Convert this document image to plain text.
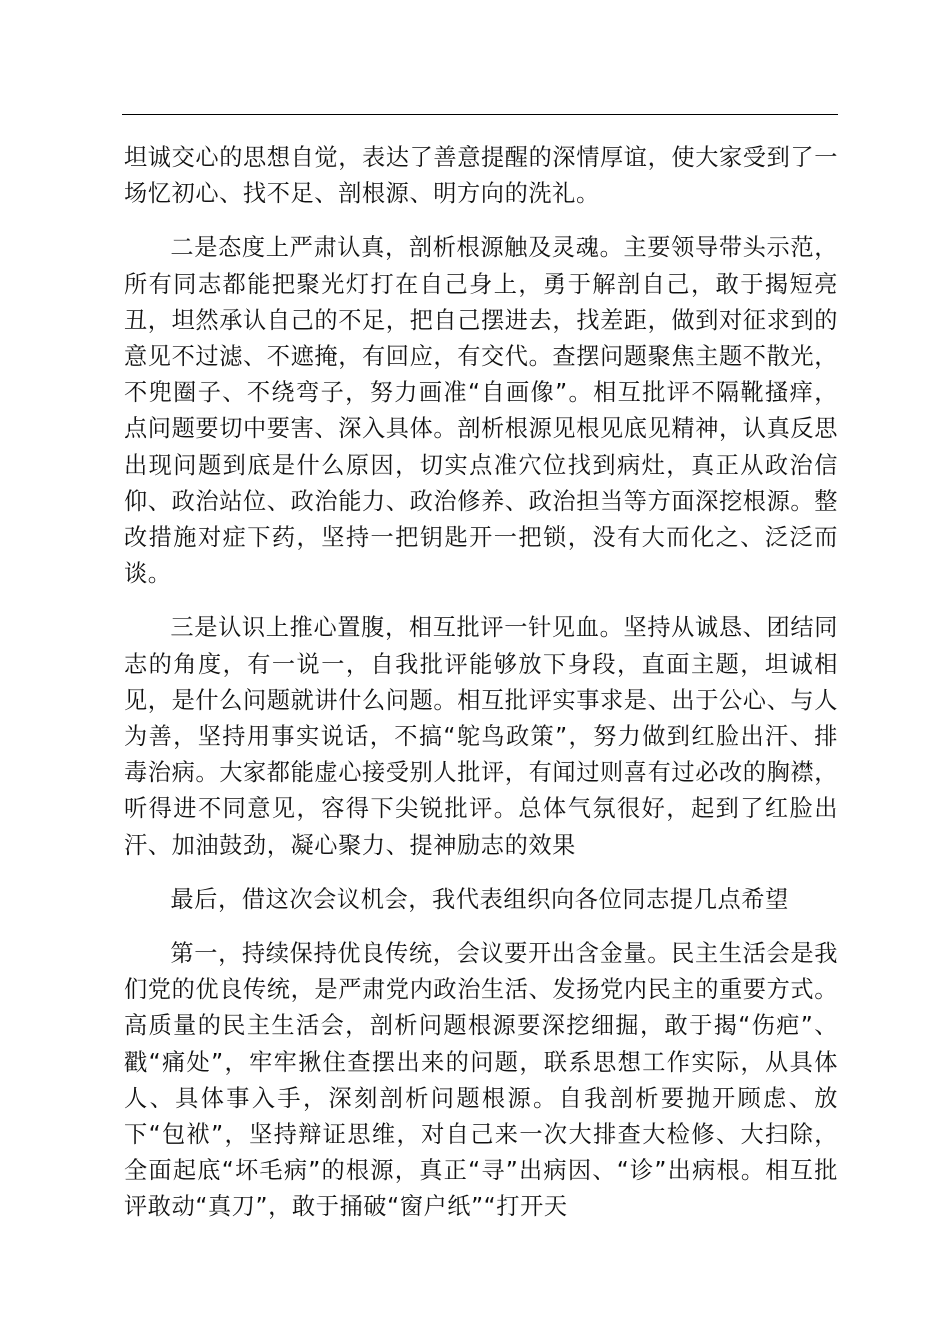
坦诚交心的思想自觉，表达了善意提醒的深情厚谊，使大家受到了一场忆初心、找不足、剖根源、明方向的洗礼。

二是态度上严肃认真，剖析根源触及灵魂。主要领导带头示范，所有同志都能把聚光灯打在自己身上，勇于解剖自己，敢于揭短亮丑，坦然承认自己的不足，把自己摆进去，找差距，做到对征求到的意见不过滤、不遮掩，有回应，有交代。查摆问题聚焦主题不散光，不兜圈子、不绕弯子，努力画准“自画像”。相互批评不隔靴搔痒，点问题要切中要害、深入具体。剖析根源见根见底见精神，认真反思出现问题到底是什么原因，切实点准穴位找到病灶，真正从政治信仰、政治站位、政治能力、政治修养、政治担当等方面深挖根源。整改措施对症下药，坚持一把钥匙开一把锁，没有大而化之、泛泛而谈。

三是认识上推心置腹，相互批评一针见血。坚持从诚恳、团结同志的角度，有一说一，自我批评能够放下身段，直面主题，坦诚相见，是什么问题就讲什么问题。相互批评实事求是、出于公心、与人为善，坚持用事实说话，不搞“鸵鸟政策”，努力做到红脸出汗、排毒治病。大家都能虚心接受别人批评，有闻过则喜有过必改的胸襟，听得进不同意见，容得下尖锐批评。总体气氛很好，起到了红脸出汗、加油鼓劲，凝心聚力、提神励志的效果

最后，借这次会议机会，我代表组织向各位同志提几点希望

第一，持续保持优良传统，会议要开出含金量。民主生活会是我们党的优良传统，是严肃党内政治生活、发扬党内民主的重要方式。高质量的民主生活会，剖析问题根源要深挖细掘，敢于揭“伤疤”、戳“痛处”，牢牢揪住查摆出来的问题，联系思想工作实际，从具体人、具体事入手，深刻剖析问题根源。自我剖析要抛开顾虑、放下“包袱”，坚持辩证思维，对自己来一次大排查大检修、大扫除，全面起底“坏毛病”的根源，真正“寻”出病因、“诊”出病根。相互批评敢动“真刀”，敢于捅破“窗户纸”“打开天
